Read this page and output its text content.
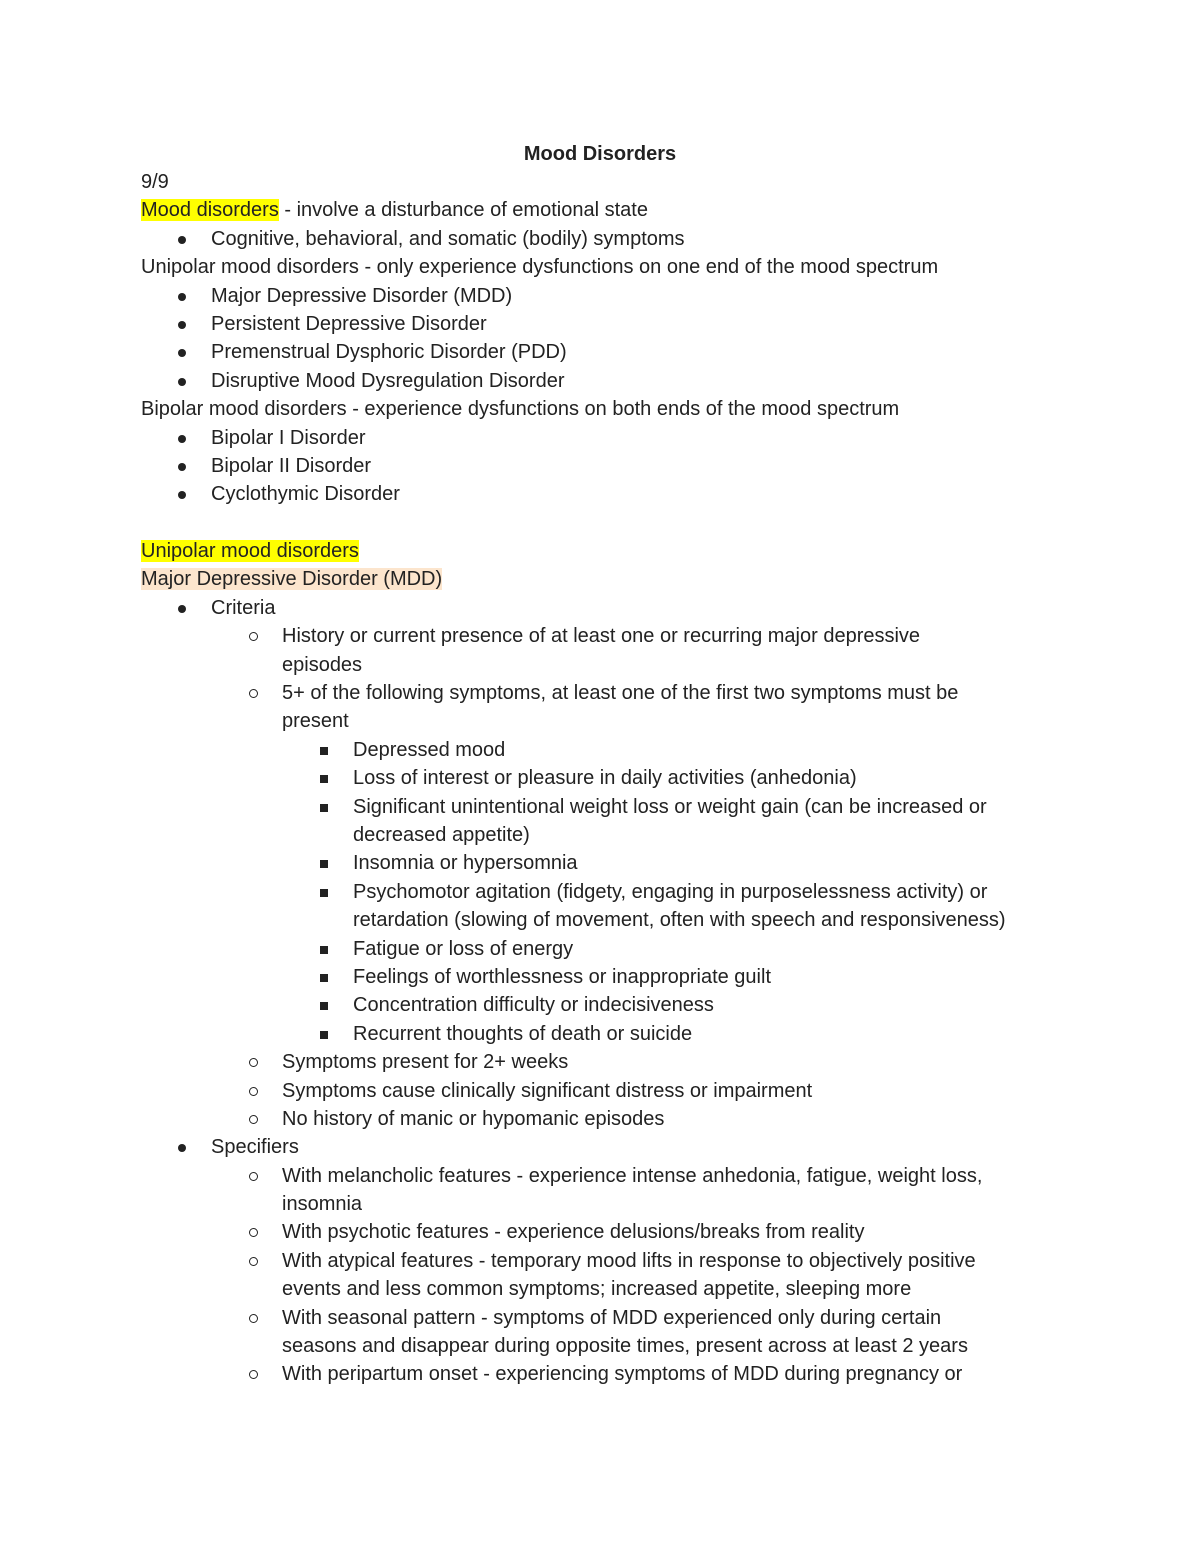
Mood Disorders
9/9
Mood disorders - involve a disturbance of emotional state
Cognitive, behavioral, and somatic (bodily) symptoms
Unipolar mood disorders - only experience dysfunctions on one end of the mood spectrum
Major Depressive Disorder (MDD)
Persistent Depressive Disorder
Premenstrual Dysphoric Disorder (PDD)
Disruptive Mood Dysregulation Disorder
Bipolar mood disorders - experience dysfunctions on both ends of the mood spectrum
Bipolar I Disorder
Bipolar II Disorder
Cyclothymic Disorder
Unipolar mood disorders
Major Depressive Disorder (MDD)
Criteria
History or current presence of at least one or recurring major depressive
episodes
5+ of the following symptoms, at least one of the first two symptoms must be
present
Depressed mood
Loss of interest or pleasure in daily activities (anhedonia)
Significant unintentional weight loss or weight gain (can be increased or
decreased appetite)
Insomnia or hypersomnia
Psychomotor agitation (fidgety, engaging in purposelessness activity) or
retardation (slowing of movement, often with speech and responsiveness)
Fatigue or loss of energy
Feelings of worthlessness or inappropriate guilt
Concentration difficulty or indecisiveness
Recurrent thoughts of death or suicide
Symptoms present for 2+ weeks
Symptoms cause clinically significant distress or impairment
No history of manic or hypomanic episodes
Specifiers
With melancholic features - experience intense anhedonia, fatigue, weight loss,
insomnia
With psychotic features - experience delusions/breaks from reality
With atypical features - temporary mood lifts in response to objectively positive
events and less common symptoms; increased appetite, sleeping more
With seasonal pattern - symptoms of MDD experienced only during certain
seasons and disappear during opposite times, present across at least 2 years
With peripartum onset - experiencing symptoms of MDD during pregnancy or
